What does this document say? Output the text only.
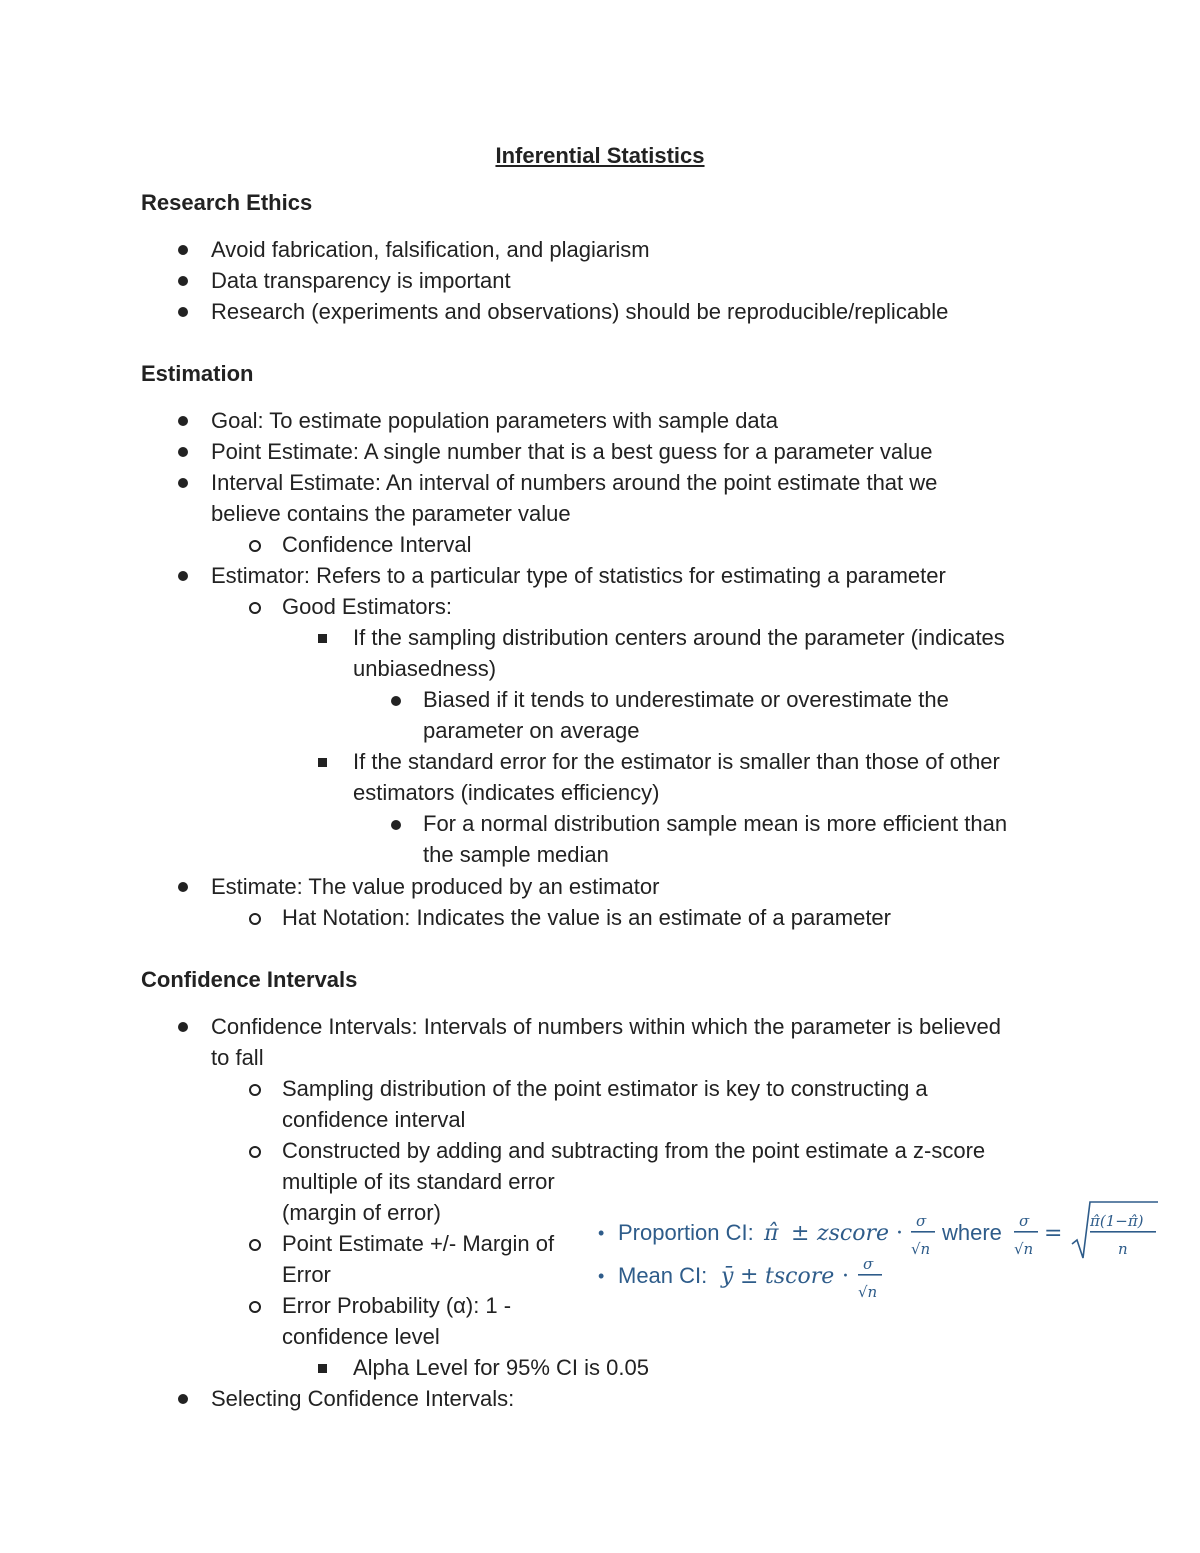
Inferential Statistics
Research Ethics
Avoid fabrication, falsification, and plagiarism
Data transparency is important
Research (experiments and observations) should be reproducible/replicable
Estimation
Goal: To estimate population parameters with sample data
Point Estimate: A single number that is a best guess for a parameter value
Interval Estimate: An interval of numbers around the point estimate that we
believe contains the parameter value
Confidence Interval
Estimator: Refers to a particular type of statistics for estimating a parameter
Good Estimators:
If the sampling distribution centers around the parameter (indicates
unbiasedness)
Biased if it tends to underestimate or overestimate the
parameter on average
If the standard error for the estimator is smaller than those of other
estimators (indicates efficiency)
For a normal distribution sample mean is more efficient than
the sample median
Estimate: The value produced by an estimator
Hat Notation: Indicates the value is an estimate of a parameter
Confidence Intervals
Confidence Intervals: Intervals of numbers within which the parameter is believed
to fall
Sampling distribution of the point estimator is key to constructing a
confidence interval
Constructed by adding and subtracting from the point estimate a z-score
multiple of its standard error
(margin of error)
Point Estimate +/- Margin of
Error
Error Probability (α): 1 -
confidence level
Alpha Level for 95% CI is 0.05
Selecting Confidence Intervals:
• Proportion CI: π̂ ± zscore · σ
√n
where σ
√n
= π̂(1−π̂)
n
• Mean CI: ȳ ± tscore · σ
√n
